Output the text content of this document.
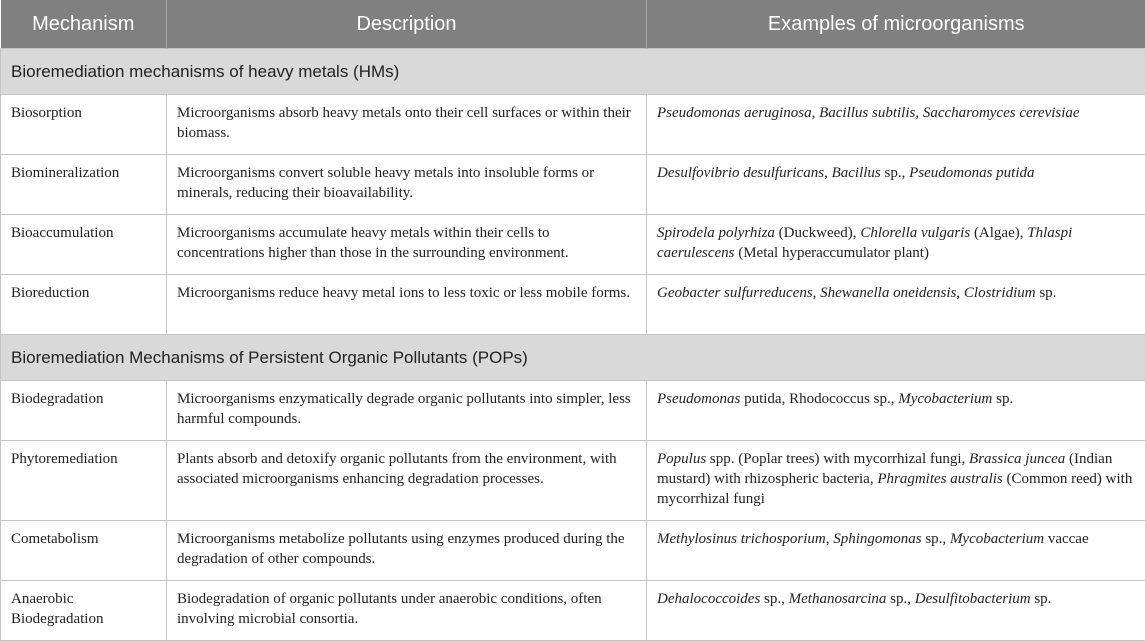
Mechanism	Description	Examples of microorganisms
Bioremediation mechanisms of heavy metals (HMs)		
Biosorption	Microorganisms absorb heavy metals onto their cell surfaces or within their biomass.	Pseudomonas aeruginosa, Bacillus subtilis, Saccharomyces cerevisiae
Biomineralization	Microorganisms convert soluble heavy metals into insoluble forms or minerals, reducing their bioavailability.	Desulfovibrio desulfuricans, Bacillus sp., Pseudomonas putida
Bioaccumulation	Microorganisms accumulate heavy metals within their cells to concentrations higher than those in the surrounding environment.	Spirodela polyrhiza (Duckweed), Chlorella vulgaris (Algae), Thlaspi caerulescens (Metal hyperaccumulator plant)
Bioreduction	Microorganisms reduce heavy metal ions to less toxic or less mobile forms.	Geobacter sulfurreducens, Shewanella oneidensis, Clostridium sp.
Bioremediation Mechanisms of Persistent Organic Pollutants (POPs)		
Biodegradation	Microorganisms enzymatically degrade organic pollutants into simpler, less harmful compounds.	Pseudomonas putida, Rhodococcus sp., Mycobacterium sp.
Phytoremediation	Plants absorb and detoxify organic pollutants from the environment, with associated microorganisms enhancing degradation processes.	Populus spp. (Poplar trees) with mycorrhizal fungi, Brassica juncea (Indian mustard) with rhizospheric bacteria, Phragmites australis (Common reed) with mycorrhizal fungi
Cometabolism	Microorganisms metabolize pollutants using enzymes produced during the degradation of other compounds.	Methylosinus trichosporium, Sphingomonas sp., Mycobacterium vaccae
Anaerobic Biodegradation	Biodegradation of organic pollutants under anaerobic conditions, often involving microbial consortia.	Dehalococcoides sp., Methanosarcina sp., Desulfitobacterium sp.
